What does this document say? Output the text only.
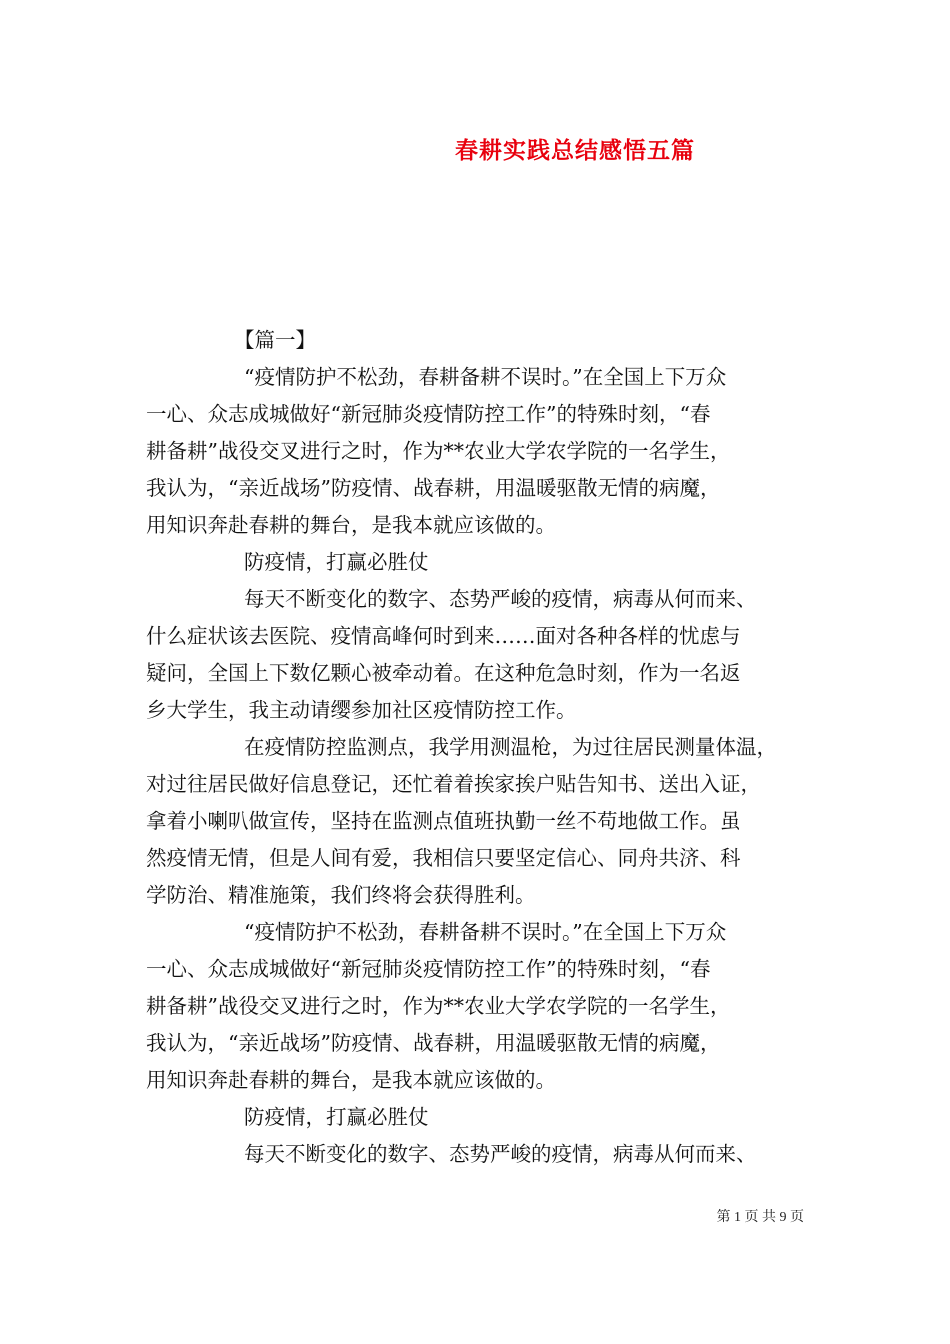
春耕实践总结感悟五篇
【篇一】
“疫情防护不松劲，春耕备耕不误时。”在全国上下万众
一心、众志成城做好“新冠肺炎疫情防控工作”的特殊时刻，“春
耕备耕”战役交叉进行之时，作为**农业大学农学院的一名学生，
我认为，“亲近战场”防疫情、战春耕，用温暖驱散无情的病魔，
用知识奔赴春耕的舞台，是我本就应该做的。
防疫情，打赢必胜仗
每天不断变化的数字、态势严峻的疫情，病毒从何而来、
什么症状该去医院、疫情高峰何时到来……面对各种各样的忧虑与
疑问，全国上下数亿颗心被牵动着。在这种危急时刻，作为一名返
乡大学生，我主动请缨参加社区疫情防控工作。
在疫情防控监测点，我学用测温枪，为过往居民测量体温，
对过往居民做好信息登记，还忙着着挨家挨户贴告知书、送出入证，
拿着小喇叭做宣传，坚持在监测点值班执勤一丝不苟地做工作。虽
然疫情无情，但是人间有爱，我相信只要坚定信心、同舟共济、科
学防治、精准施策，我们终将会获得胜利。
“疫情防护不松劲，春耕备耕不误时。”在全国上下万众
一心、众志成城做好“新冠肺炎疫情防控工作”的特殊时刻，“春
耕备耕”战役交叉进行之时，作为**农业大学农学院的一名学生，
我认为，“亲近战场”防疫情、战春耕，用温暖驱散无情的病魔，
用知识奔赴春耕的舞台，是我本就应该做的。
防疫情，打赢必胜仗
每天不断变化的数字、态势严峻的疫情，病毒从何而来、
第 1 页 共 9 页
